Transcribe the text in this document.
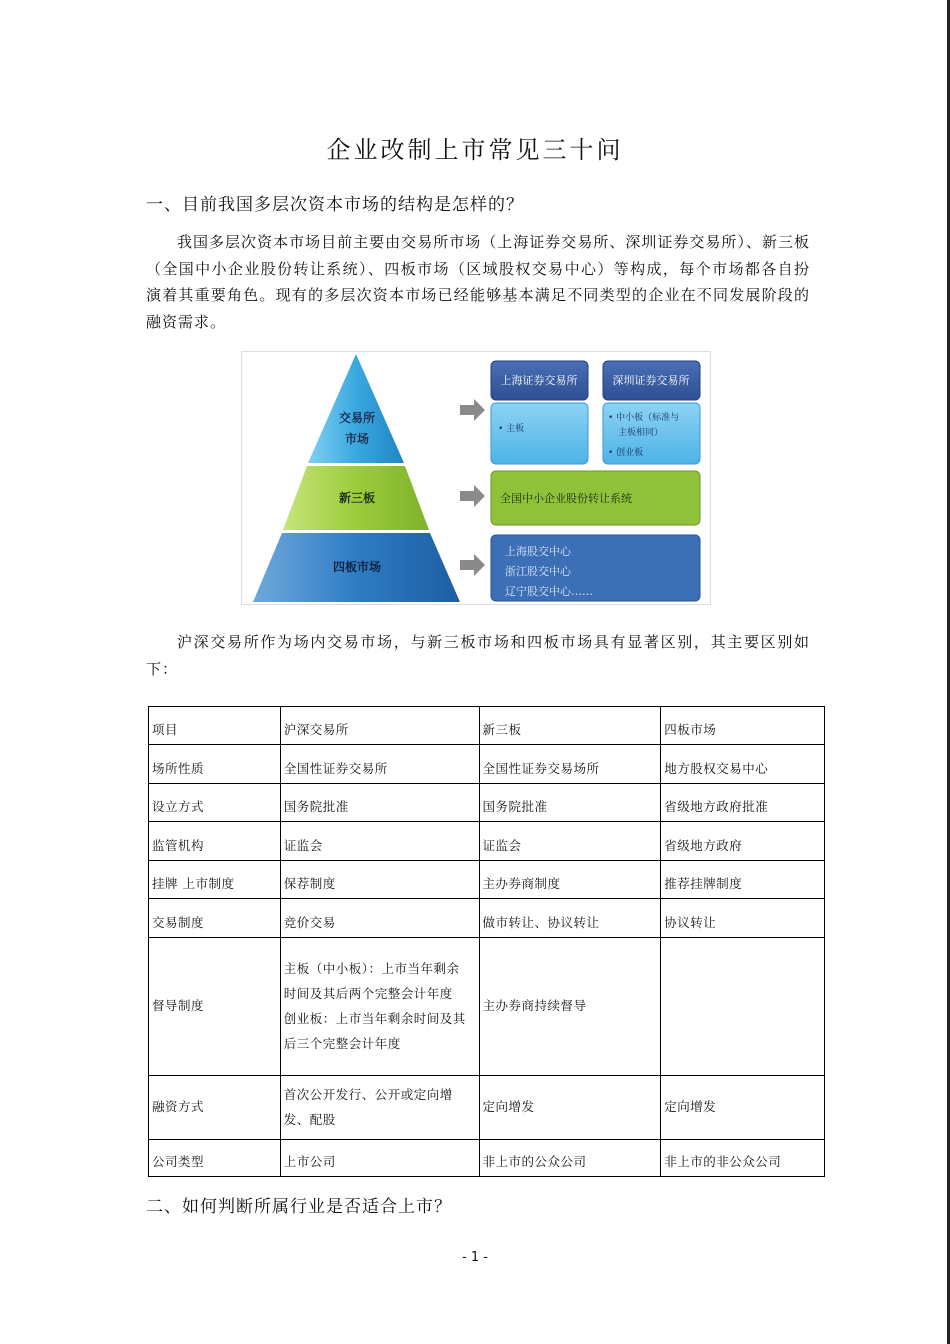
企业改制上市常见三十问
一、目前我国多层次资本市场的结构是怎样的？
我国多层次资本市场目前主要由交易所市场（上海证券交易所、深圳证券交易所）、新三板（全国中小企业股份转让系统）、四板市场（区域股权交易中心）等构成，每个市场都各自扮演着其重要角色。现有的多层次资本市场已经能够基本满足不同类型的企业在不同发展阶段的融资需求。
交易所
市场
新三板
四板市场
上海证券交易所	深圳证券交易所
• 主板
• 中小板（标准与
主板相同）
• 创业板
全国中小企业股份转让系统
上海股交中心
浙江股交中心
辽宁股交中心……
沪深交易所作为场内交易市场，与新三板市场和四板市场具有显著区别，其主要区别如下：
项目	沪深交易所	新三板	四板市场
场所性质	全国性证券交易所	全国性证券交易场所	地方股权交易中心
设立方式	国务院批准	国务院批准	省级地方政府批准
监管机构	证监会	证监会	省级地方政府
挂牌 上市制度	保荐制度	主办券商制度	推荐挂牌制度
交易制度	竞价交易	做市转让、协议转让	协议转让
督导制度	主板（中小板）：上市当年剩余
时间及其后两个完整会计年度
创业板：上市当年剩余时间及其
后三个完整会计年度	主办券商持续督导	
融资方式	首次公开发行、公开或定向增
发、配股	定向增发	定向增发
公司类型	上市公司	非上市的公众公司	非上市的非公众公司
二、如何判断所属行业是否适合上市？
- 1 -
